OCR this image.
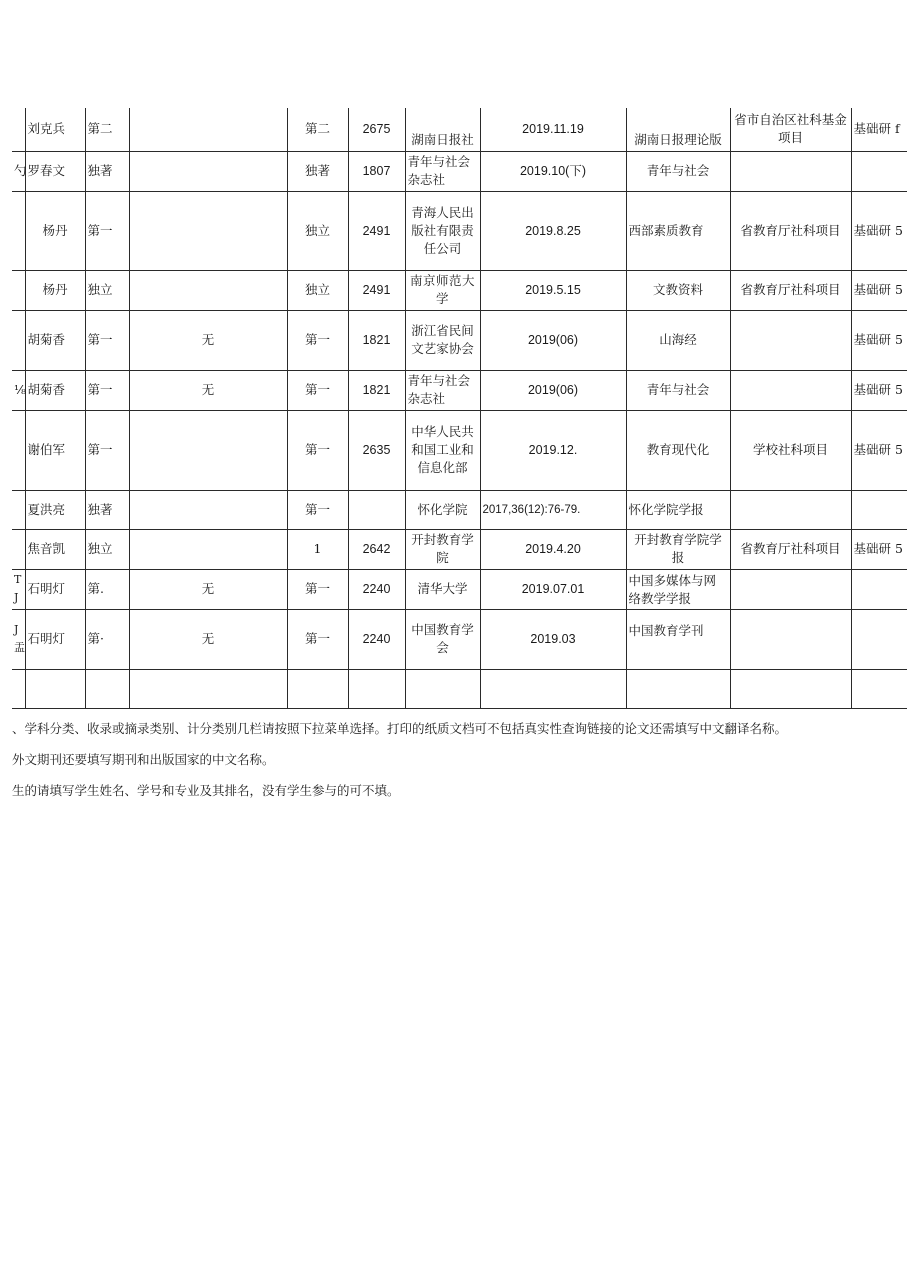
	刘克兵	第二		第二	2675	湖南日报社	2019.11.19	湖南日报理论版	省市自治区社科基金项目	基础研 f
勺	罗春文	独著		独著	1807	青年与社会杂志社	2019.10(下)	青年与社会		
	杨丹	第一		独立	2491	青海人民出版社有限责任公司	2019.8.25	西部素质教育	省教育厅社科项目	基础研 5
	杨丹	独立		独立	2491	南京师范大学	2019.5.15	文教资料	省教育厅社科项目	基础研 5
	胡菊香	第一	无	第一	1821	浙江省民间文艺家协会	2019(06)	山海经		基础研 5
⅛	胡菊香	第一	无	第一	1821	青年与社会杂志社	2019(06)	青年与社会		基础研 5
	谢伯军	第一		第一	2635	中华人民共和国工业和信息化部	2019.12.	教育现代化	学校社科项目	基础研 5
	夏洪亮	独著		第一		怀化学院	2017,36(12):76-79.	怀化学院学报		
	焦音凯	独立		1	2642	开封教育学院	2019.4.20	开封教育学院学报	省教育厅社科项目	基础研 5
T J	石明灯	第.	无	第一	2240	清华大学	2019.07.01	中国多媒体与网络教学学报		
J 盂	石明灯	第·	无	第一	2240	中国教育学会	2019.03	中国教育学刊		

、学科分类、收录或摘录类别、计分类别几栏请按照下拉菜单选择。打印的纸质文档可不包括真实性查询链接的论文还需填写中文翻译名称。

外文期刊还要填写期刊和出版国家的中文名称。

生的请填写学生姓名、学号和专业及其排名，没有学生参与的可不填。
